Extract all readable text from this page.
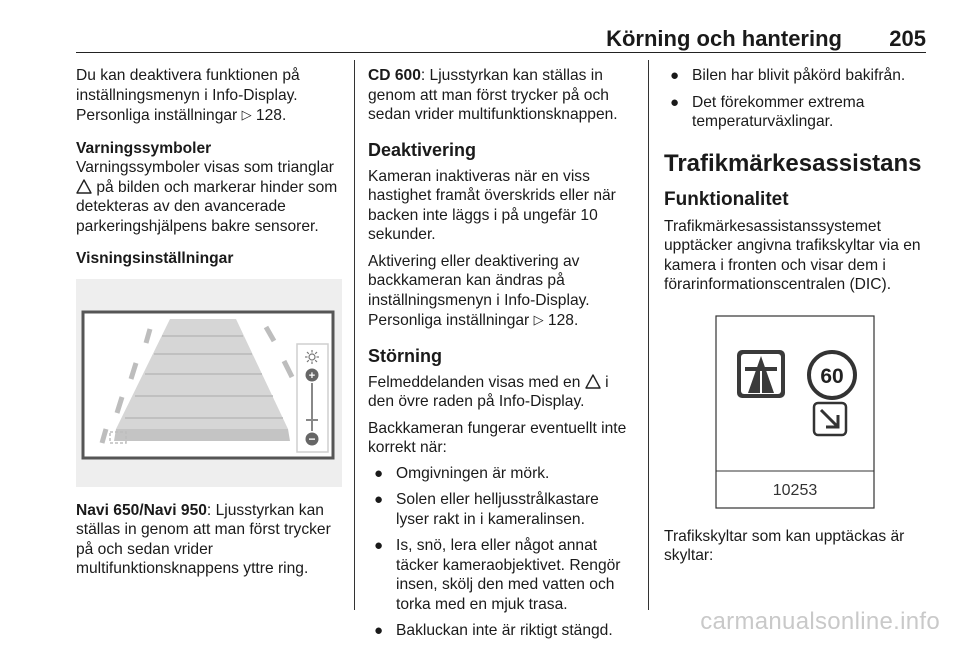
Körning och hantering 205

Du kan deaktivera funktionen på inställningsmenyn i Info-Display. Personliga inställningar ▷ 128.

Varningssymboler

Varningssymboler visas som trianglar  på bilden och markerar hinder som detekteras av den avancerade parkeringshjälpens bakre sensorer.

Visningsinställningar

+
−

Navi 650/Navi 950: Ljusstyrkan kan ställas in genom att man först trycker på och sedan vrider multifunktionsknappens yttre ring.

CD 600: Ljusstyrkan kan ställas in genom att man först trycker på och sedan vrider multifunktionsknappen.

Deaktivering

Kameran inaktiveras när en viss hastighet framåt överskrids eller när backen inte läggs i på ungefär 10 sekunder.

Aktivering eller deaktivering av backkameran kan ändras på inställningsmenyn i Info-Display. Personliga inställningar ▷ 128.

Störning

Felmeddelanden visas med en i den övre raden på Info-Display.

Backkameran fungerar eventuellt inte korrekt när:

● Omgivningen är mörk.
● Solen eller helljusstrålkastare lyser rakt in i kameralinsen.
● Is, snö, lera eller något annat täcker kameraobjektivet. Rengör insen, skölj den med vatten och torka med en mjuk trasa.
● Bakluckan inte är riktigt stängd.
● Bilen har blivit påkörd bakifrån.
● Det förekommer extrema temperaturväxlingar.

Trafikmärkesassistans

Funktionalitet

Trafikmärkesassistanssystemet upptäcker angivna trafikskyltar via en kamera i fronten och visar dem i förarinformationscentralen (DIC).

60
10253

Trafikskyltar som kan upptäckas är skyltar:

carmanualsonline.info
